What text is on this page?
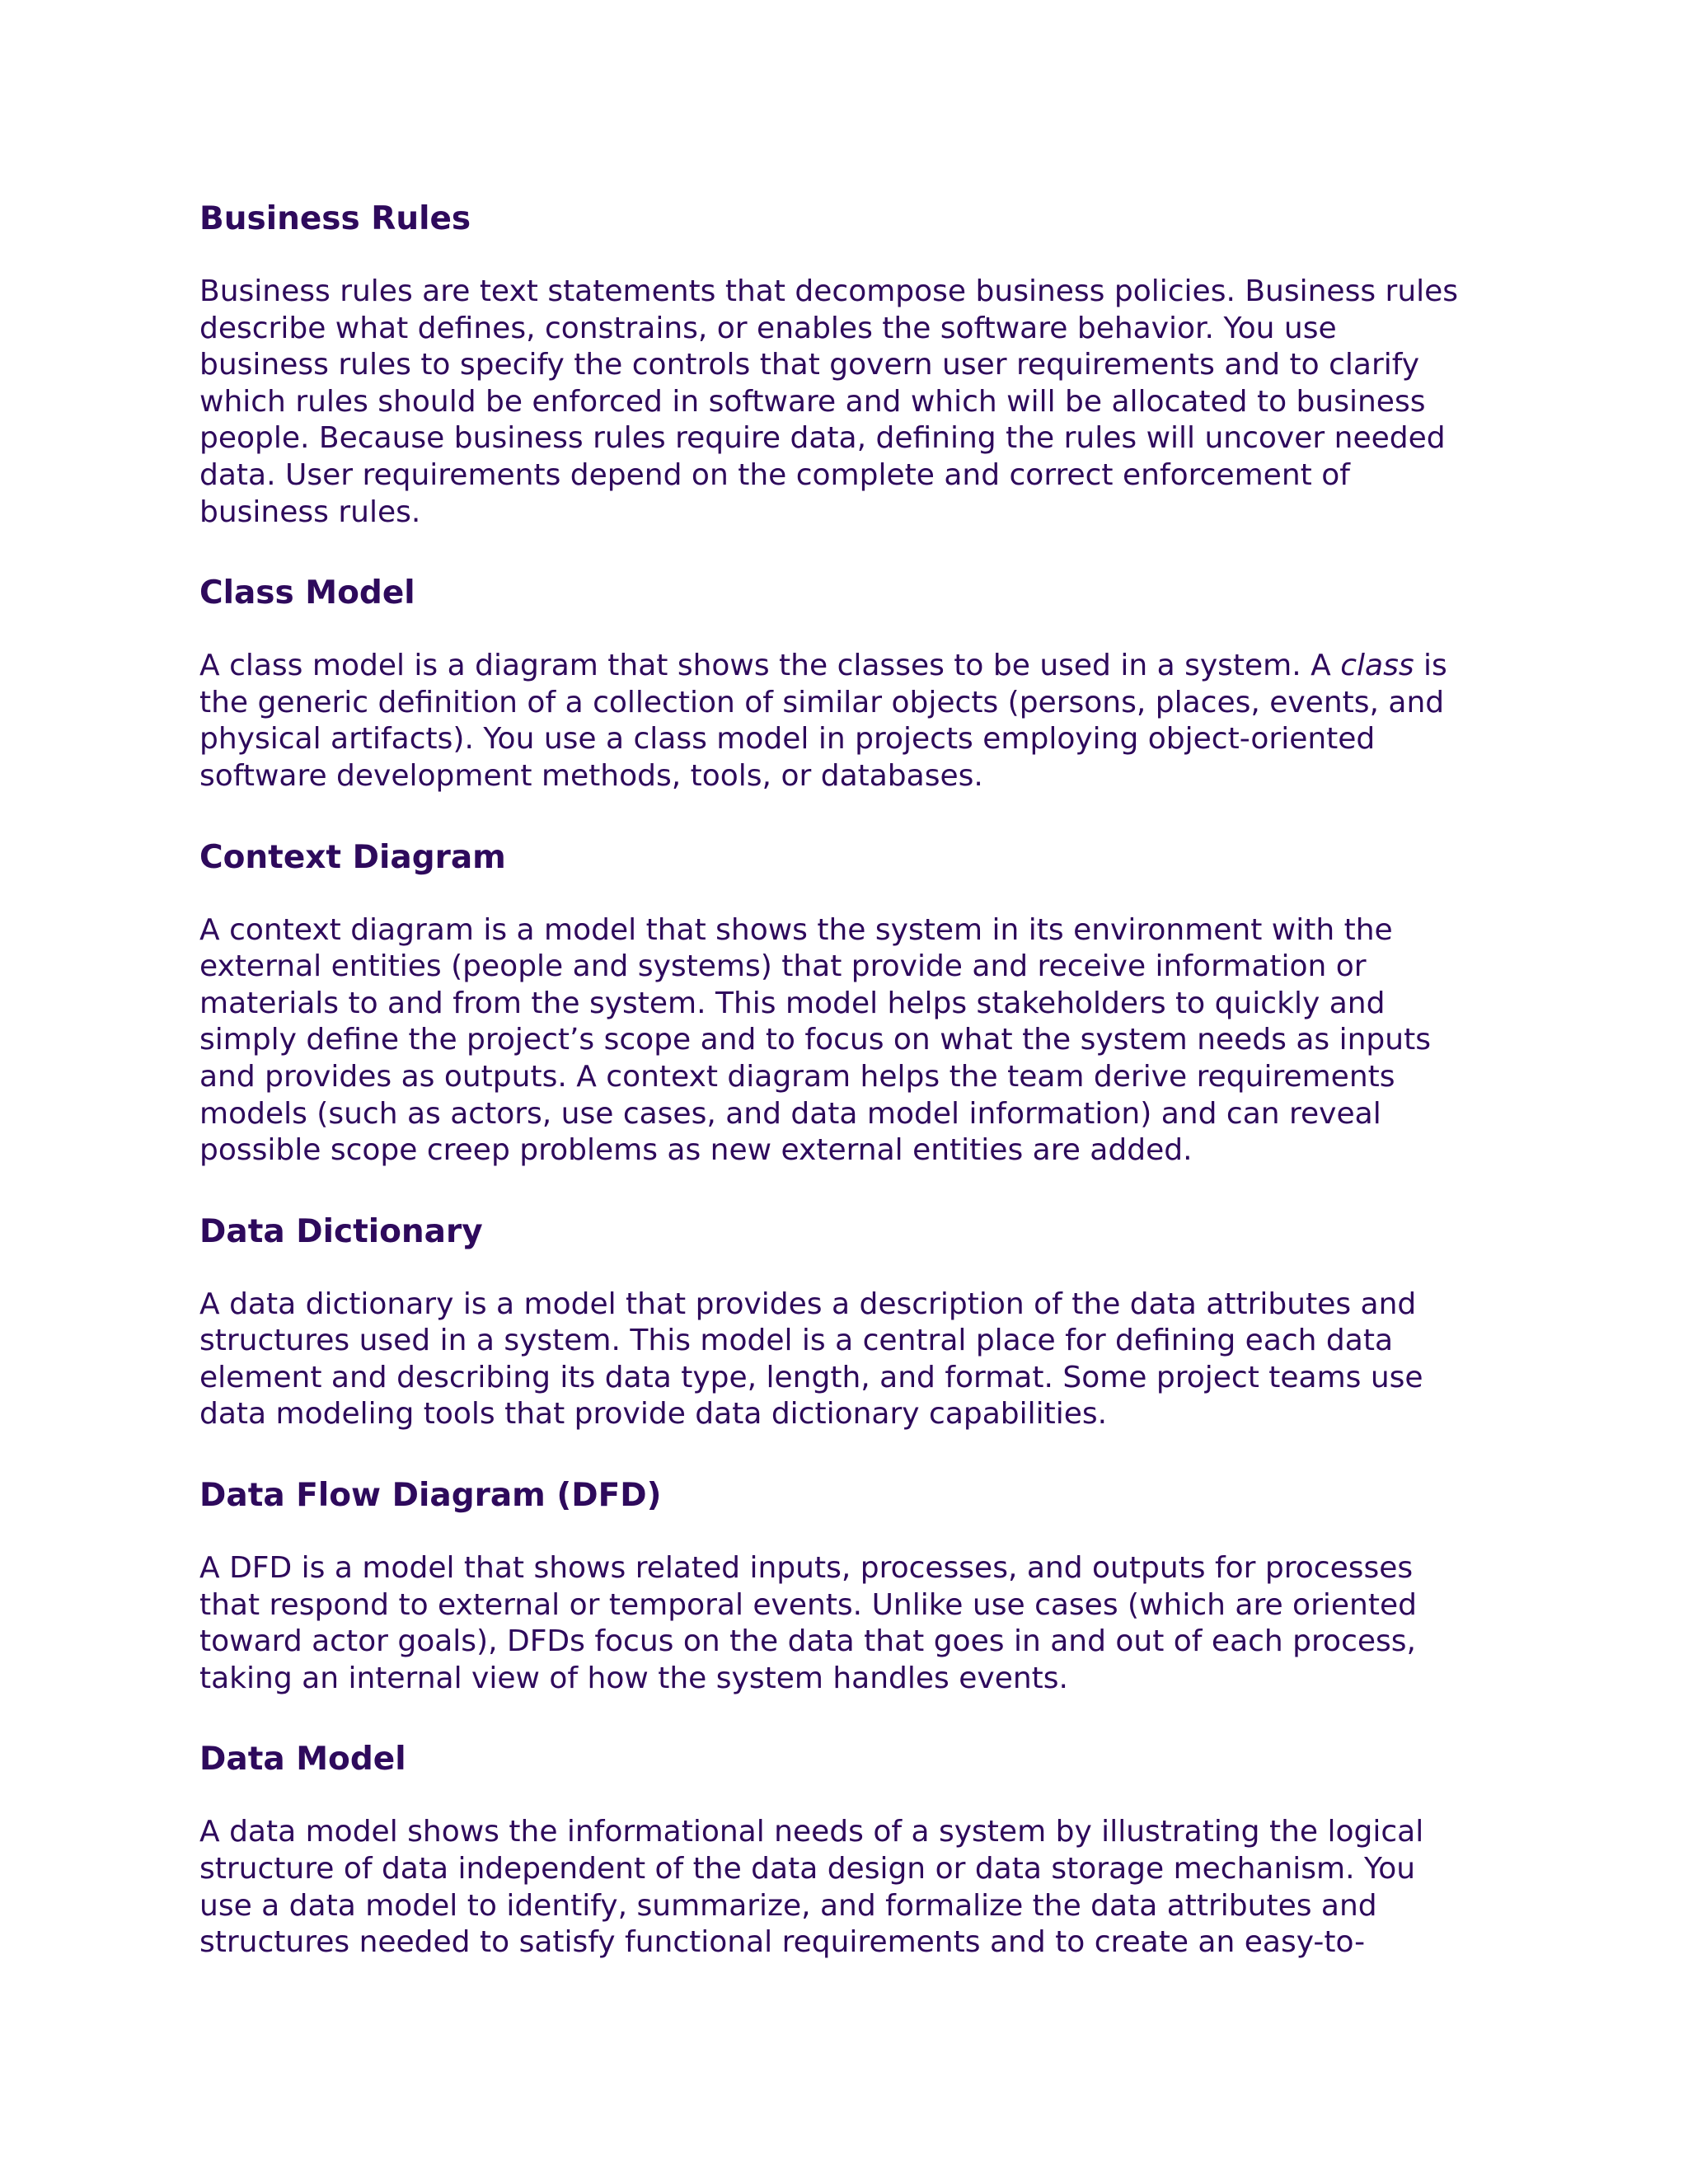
Business Rules

Business rules are text statements that decompose business policies. Business rules
describe what defines, constrains, or enables the software behavior. You use
business rules to specify the controls that govern user requirements and to clarify
which rules should be enforced in software and which will be allocated to business
people. Because business rules require data, defining the rules will uncover needed
data. User requirements depend on the complete and correct enforcement of
business rules.

Class Model

A class model is a diagram that shows the classes to be used in a system. A class is
the generic definition of a collection of similar objects (persons, places, events, and
physical artifacts). You use a class model in projects employing object-oriented
software development methods, tools, or databases.

Context Diagram

A context diagram is a model that shows the system in its environment with the
external entities (people and systems) that provide and receive information or
materials to and from the system. This model helps stakeholders to quickly and
simply define the project’s scope and to focus on what the system needs as inputs
and provides as outputs. A context diagram helps the team derive requirements
models (such as actors, use cases, and data model information) and can reveal
possible scope creep problems as new external entities are added.

Data Dictionary

A data dictionary is a model that provides a description of the data attributes and
structures used in a system. This model is a central place for defining each data
element and describing its data type, length, and format. Some project teams use
data modeling tools that provide data dictionary capabilities.

Data Flow Diagram (DFD)

A DFD is a model that shows related inputs, processes, and outputs for processes
that respond to external or temporal events. Unlike use cases (which are oriented
toward actor goals), DFDs focus on the data that goes in and out of each process,
taking an internal view of how the system handles events.

Data Model

A data model shows the informational needs of a system by illustrating the logical
structure of data independent of the data design or data storage mechanism. You
use a data model to identify, summarize, and formalize the data attributes and
structures needed to satisfy functional requirements and to create an easy-to-
